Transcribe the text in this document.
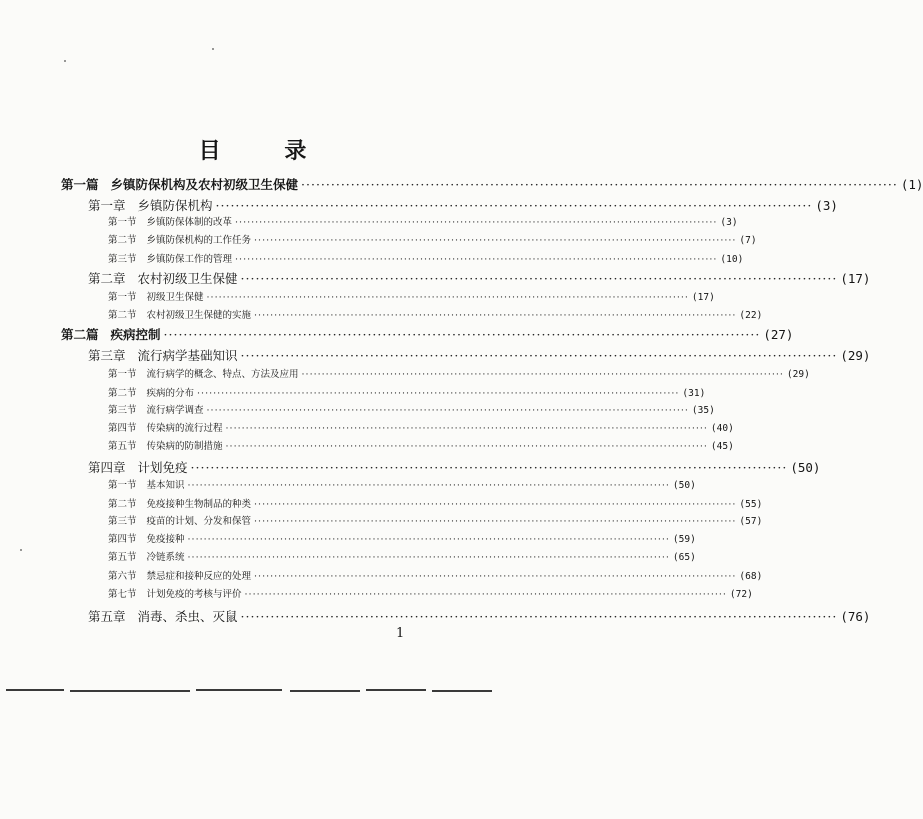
目 录
第一篇 乡镇防保机构及农村初级卫生保健 ························································································································ (1)
第一章 乡镇防保机构 ························································································································ (3)
第一节 乡镇防保体制的改革 ························································································································ (3)
第二节 乡镇防保机构的工作任务 ························································································································ (7)
第三节 乡镇防保工作的管理 ························································································································ (10)
第二章 农村初级卫生保健 ························································································································ (17)
第一节 初级卫生保健 ························································································································ (17)
第二节 农村初级卫生保健的实施 ························································································································ (22)
第二篇 疾病控制 ························································································································ (27)
第三章 流行病学基础知识 ························································································································ (29)
第一节 流行病学的概念、特点、方法及应用 ························································································································ (29)
第二节 疾病的分布 ························································································································ (31)
第三节 流行病学调查 ························································································································ (35)
第四节 传染病的流行过程 ························································································································ (40)
第五节 传染病的防制措施 ························································································································ (45)
第四章 计划免疫 ························································································································ (50)
第一节 基本知识 ························································································································ (50)
第二节 免疫接种生物制品的种类 ························································································································ (55)
第三节 疫苗的计划、分发和保管 ························································································································ (57)
第四节 免疫接种 ························································································································ (59)
第五节 冷链系统 ························································································································ (65)
第六节 禁忌症和接种反应的处理 ························································································································ (68)
第七节 计划免疫的考核与评价 ························································································································ (72)
第五章 消毒、杀虫、灭鼠 ························································································································ (76)
1
